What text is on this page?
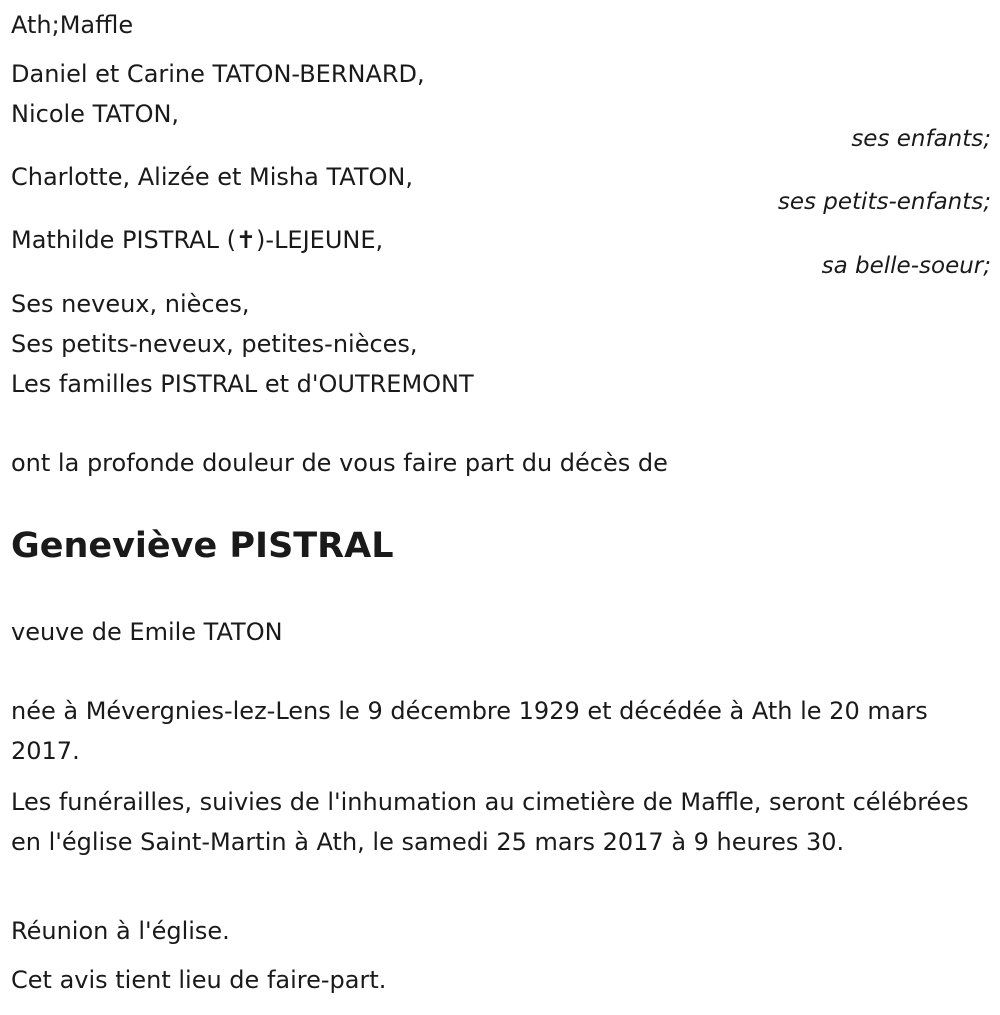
Ath;Maffle
Daniel et Carine TATON-BERNARD,
Nicole TATON,
ses enfants;
Charlotte, Alizée et Misha TATON,
ses petits-enfants;
Mathilde PISTRAL (✝)-LEJEUNE,
sa belle-soeur;
Ses neveux, nièces,
Ses petits-neveux, petites-nièces,
Les familles PISTRAL et d'OUTREMONT
ont la profonde douleur de vous faire part du décès de
Geneviève PISTRAL
veuve de Emile TATON
née à Mévergnies-lez-Lens le 9 décembre 1929 et décédée à Ath le 20 mars 2017.
Les funérailles, suivies de l'inhumation au cimetière de Maffle, seront célébrées en l'église Saint-Martin à Ath, le samedi 25 mars 2017 à 9 heures 30.
Réunion à l'église.
Cet avis tient lieu de faire-part.
